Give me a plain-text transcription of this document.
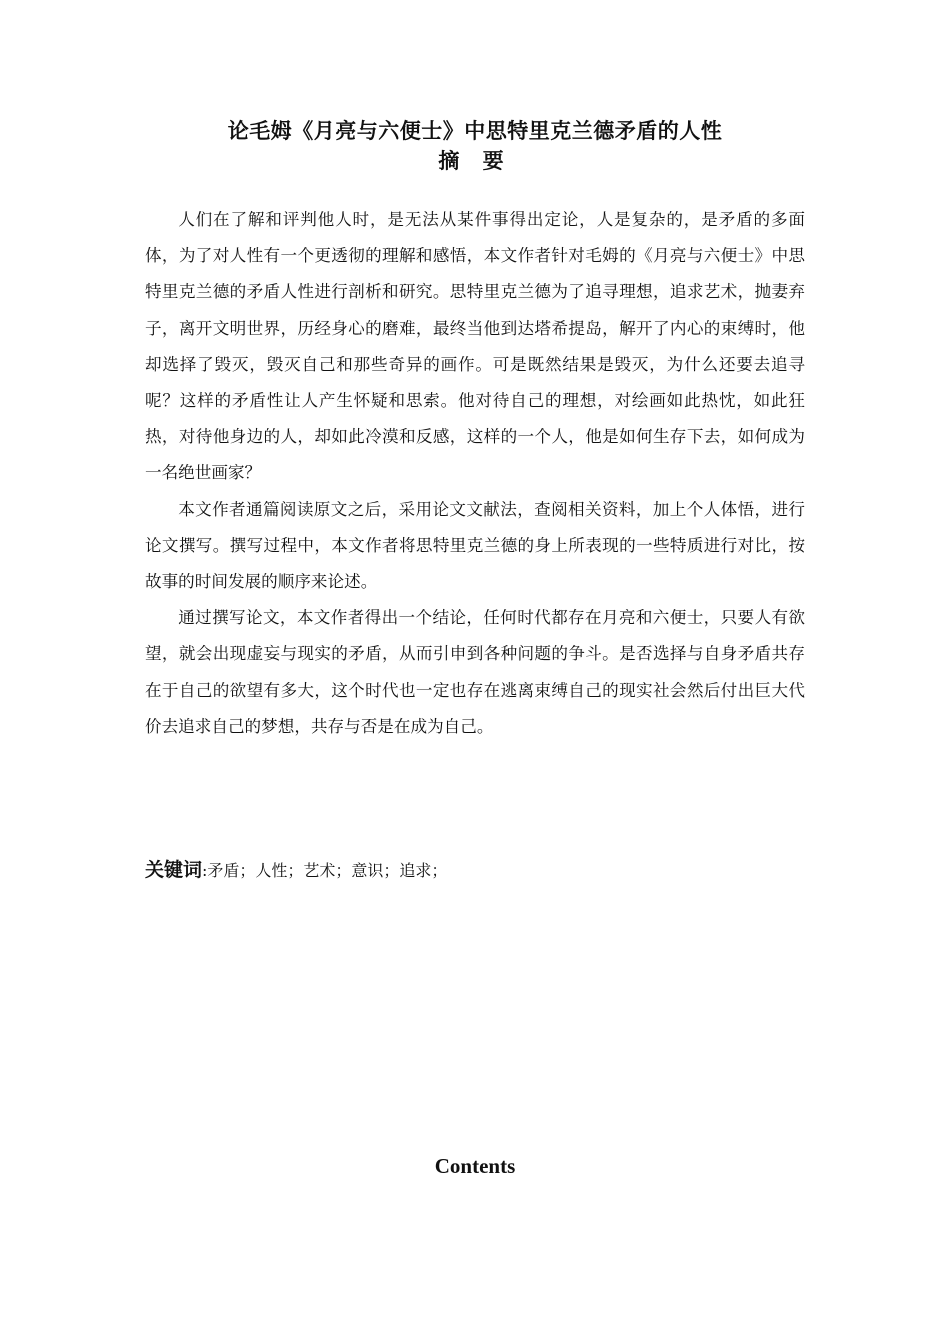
论毛姆《月亮与六便士》中思特里克兰德矛盾的人性
摘 要

人们在了解和评判他人时，是无法从某件事得出定论，人是复杂的，是矛盾的多面体，为了对人性有一个更透彻的理解和感悟，本文作者针对毛姆的《月亮与六便士》中思特里克兰德的矛盾人性进行剖析和研究。思特里克兰德为了追寻理想，追求艺术，抛妻弃子，离开文明世界，历经身心的磨难，最终当他到达塔希提岛，解开了内心的束缚时，他却选择了毁灭，毁灭自己和那些奇异的画作。可是既然结果是毁灭，为什么还要去追寻呢？这样的矛盾性让人产生怀疑和思索。他对待自己的理想，对绘画如此热忱，如此狂热，对待他身边的人，却如此冷漠和反感，这样的一个人，他是如何生存下去，如何成为一名绝世画家？

本文作者通篇阅读原文之后，采用论文文献法，查阅相关资料，加上个人体悟，进行论文撰写。撰写过程中，本文作者将思特里克兰德的身上所表现的一些特质进行对比，按故事的时间发展的顺序来论述。

通过撰写论文，本文作者得出一个结论，任何时代都存在月亮和六便士，只要人有欲望，就会出现虚妄与现实的矛盾，从而引申到各种问题的争斗。是否选择与自身矛盾共存在于自己的欲望有多大，这个时代也一定也存在逃离束缚自己的现实社会然后付出巨大代价去追求自己的梦想，共存与否是在成为自己。

关键词:矛盾；人性；艺术；意识；追求；
Contents
